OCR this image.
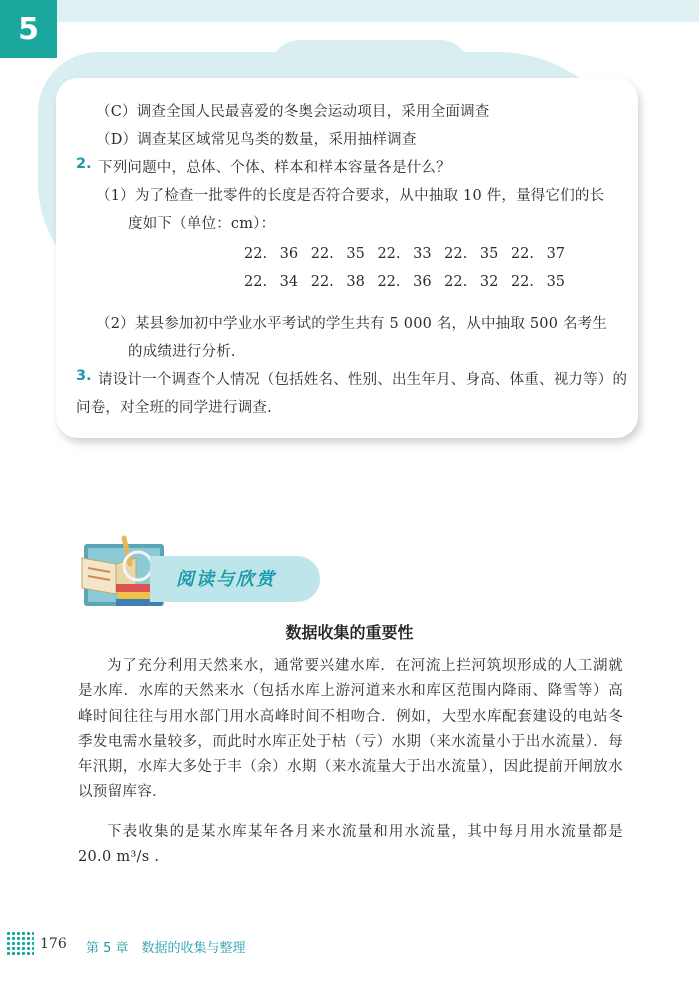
5
（C）调查全国人民最喜爱的冬奥会运动项目，采用全面调查
（D）调查某区域常见鸟类的数量，采用抽样调查
2. 下列问题中，总体、个体、样本和样本容量各是什么？
（1）为了检查一批零件的长度是否符合要求，从中抽取 10 件，量得它们的长
度如下（单位：cm）：
22. 36 22. 35 22. 33 22. 35 22. 37
22. 34 22. 38 22. 36 22. 32 22. 35
（2）某县参加初中学业水平考试的学生共有 5 000 名，从中抽取 500 名考生
的成绩进行分析.
3. 请设计一个调查个人情况（包括姓名、性别、出生年月、身高、体重、视力等）的
问卷，对全班的同学进行调查.
阅读与欣赏
数据收集的重要性
为了充分利用天然来水，通常要兴建水库．在河流上拦河筑坝形成的人工湖就是水库．水库的天然来水（包括水库上游河道来水和库区范围内降雨、降雪等）高峰时间往往与用水部门用水高峰时间不相吻合．例如，大型水库配套建设的电站冬季发电需水量较多，而此时水库正处于枯（亏）水期（来水流量小于出水流量）．每年汛期，水库大多处于丰（余）水期（来水流量大于出水流量），因此提前开闸放水以预留库容．
下表收集的是某水库某年各月来水流量和用水流量，其中每月用水流量都是 20.0 m³/s .
176 第 5 章　数据的收集与整理
